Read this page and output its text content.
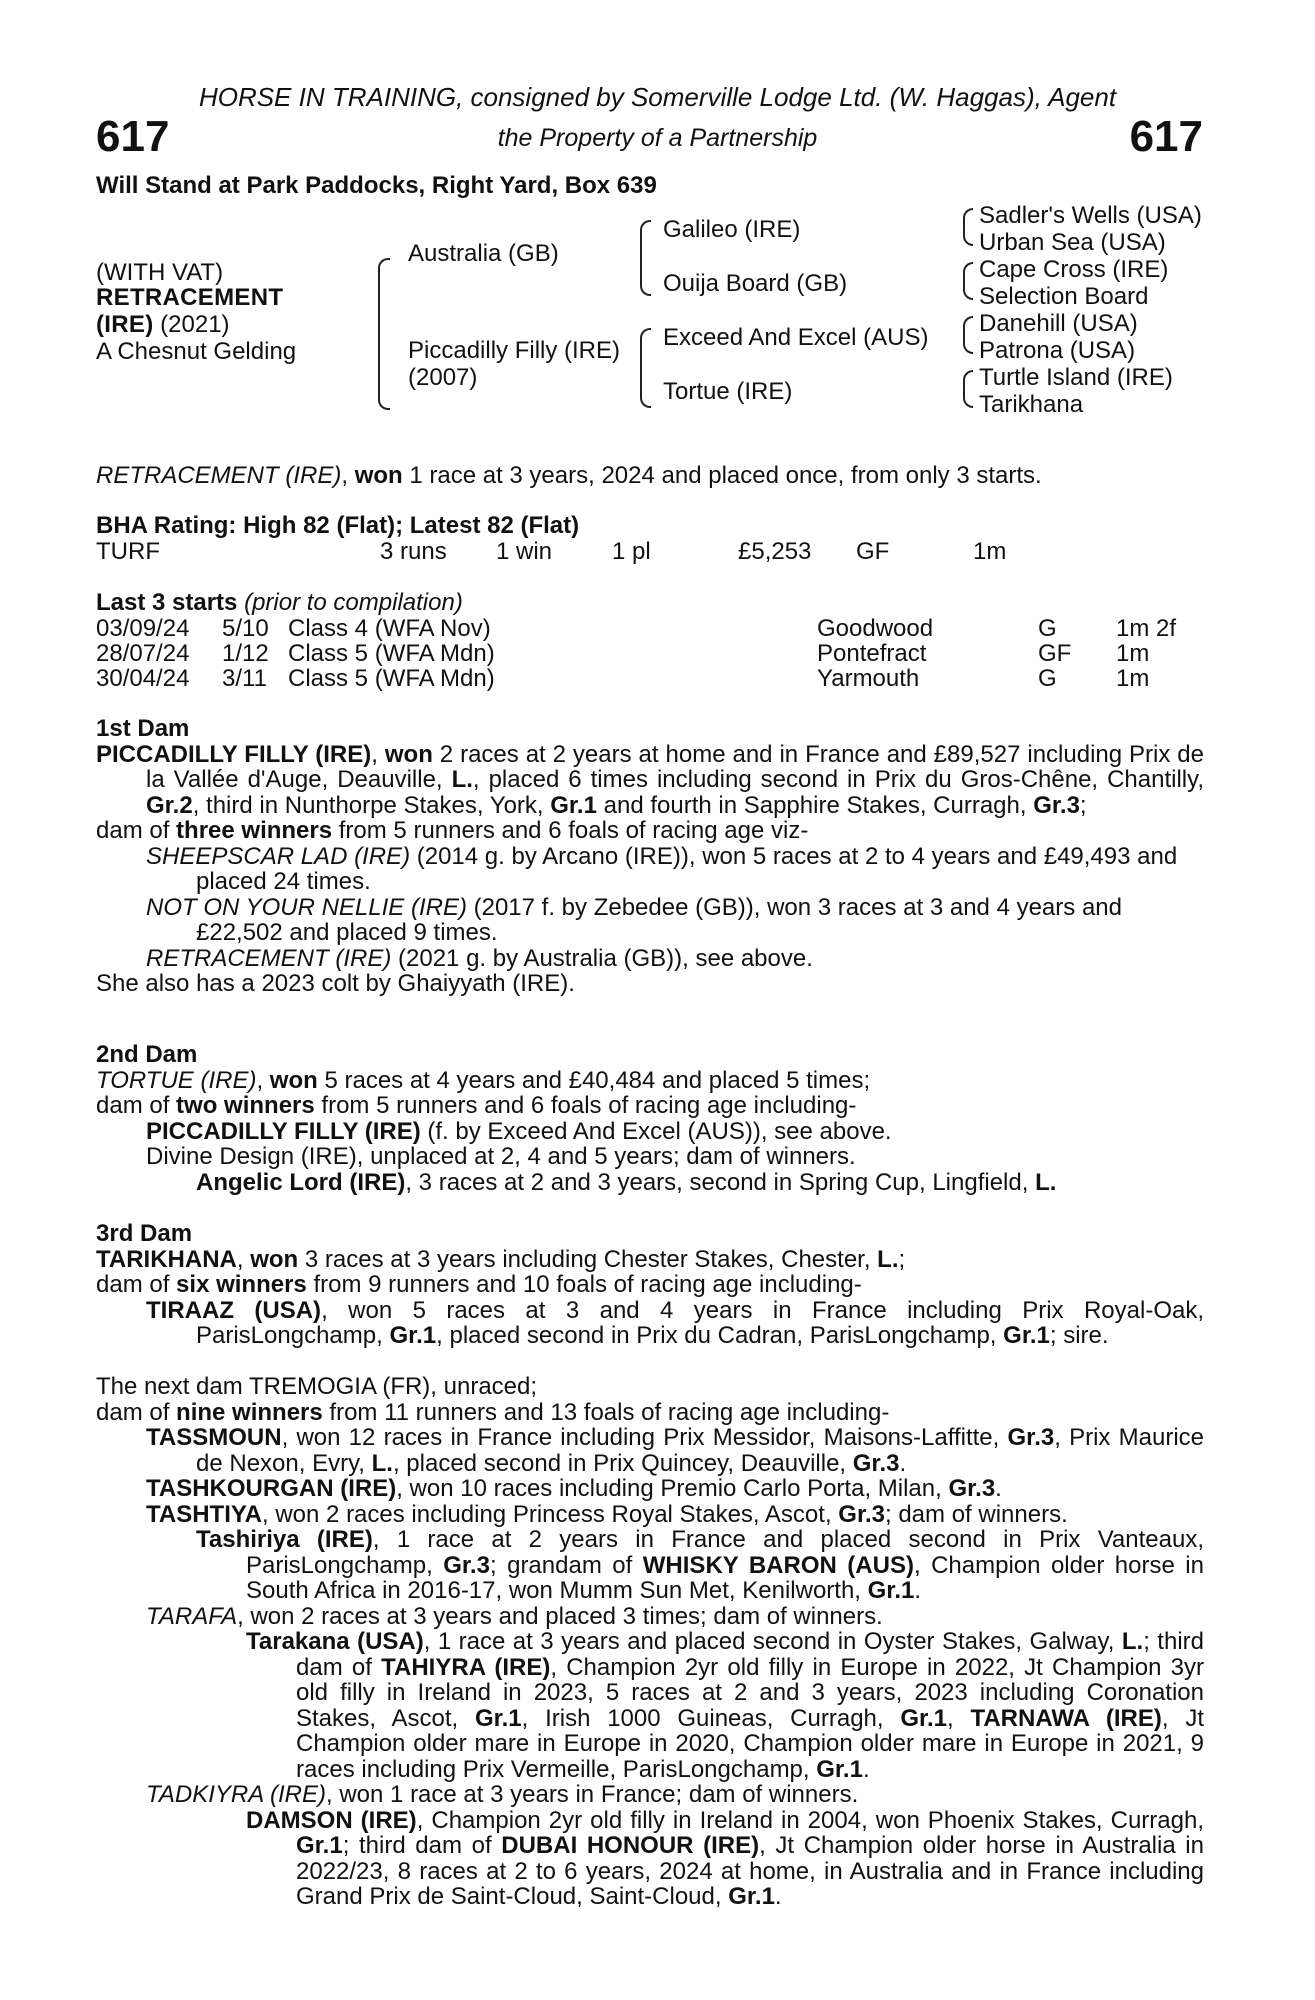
HORSE IN TRAINING, consigned by Somerville Lodge Ltd. (W. Haggas), Agent
617	the Property of a Partnership	617
Will Stand at Park Paddocks, Right Yard, Box 639
(WITH VAT)
RETRACEMENT
(IRE) (2021)
A Chesnut Gelding
Australia (GB)
Piccadilly Filly (IRE)
(2007)
Galileo (IRE)
Ouija Board (GB)
Exceed And Excel (AUS)
Tortue (IRE)
Sadler's Wells (USA)
Urban Sea (USA)
Cape Cross (IRE)
Selection Board
Danehill (USA)
Patrona (USA)
Turtle Island (IRE)
Tarikhana
RETRACEMENT (IRE), won 1 race at 3 years, 2024 and placed once, from only 3 starts.
BHA Rating: High 82 (Flat); Latest 82 (Flat)
TURF	3 runs 1 win 1 pl	£5,253 GF	1m
Last 3 starts (prior to compilation)
03/09/24 5/10 Class 4 (WFA Nov)	Goodwood	G 1m 2f
28/07/24 1/12 Class 5 (WFA Mdn)	Pontefract	GF 1m
30/04/24 3/11 Class 5 (WFA Mdn)	Yarmouth	G 1m

1st Dam

PICCADILLY FILLY (IRE), won 2 races at 2 years at home and in France and £89,527 including Prix de la Vallée d'Auge, Deauville, L., placed 6 times including second in Prix du Gros-Chêne, Chantilly, Gr.2, third in Nunthorpe Stakes, York, Gr.1 and fourth in Sapphire Stakes, Curragh, Gr.3;

dam of three winners from 5 runners and 6 foals of racing age viz-

SHEEPSCAR LAD (IRE) (2014 g. by Arcano (IRE)), won 5 races at 2 to 4 years and £49,493 and placed 24 times.

NOT ON YOUR NELLIE (IRE) (2017 f. by Zebedee (GB)), won 3 races at 3 and 4 years and £22,502 and placed 9 times.

RETRACEMENT (IRE) (2021 g. by Australia (GB)), see above.

She also has a 2023 colt by Ghaiyyath (IRE).

2nd Dam

TORTUE (IRE), won 5 races at 4 years and £40,484 and placed 5 times;

dam of two winners from 5 runners and 6 foals of racing age including-

PICCADILLY FILLY (IRE) (f. by Exceed And Excel (AUS)), see above.

Divine Design (IRE), unplaced at 2, 4 and 5 years; dam of winners.

Angelic Lord (IRE), 3 races at 2 and 3 years, second in Spring Cup, Lingfield, L.

3rd Dam

TARIKHANA, won 3 races at 3 years including Chester Stakes, Chester, L.;

dam of six winners from 9 runners and 10 foals of racing age including-

TIRAAZ (USA), won 5 races at 3 and 4 years in France including Prix Royal-Oak, ParisLongchamp, Gr.1, placed second in Prix du Cadran, ParisLongchamp, Gr.1; sire.

The next dam TREMOGIA (FR), unraced;

dam of nine winners from 11 runners and 13 foals of racing age including-

TASSMOUN, won 12 races in France including Prix Messidor, Maisons-Laffitte, Gr.3, Prix Maurice de Nexon, Evry, L., placed second in Prix Quincey, Deauville, Gr.3.

TASHKOURGAN (IRE), won 10 races including Premio Carlo Porta, Milan, Gr.3.

TASHTIYA, won 2 races including Princess Royal Stakes, Ascot, Gr.3; dam of winners.

Tashiriya (IRE), 1 race at 2 years in France and placed second in Prix Vanteaux, ParisLongchamp, Gr.3; grandam of WHISKY BARON (AUS), Champion older horse in South Africa in 2016-17, won Mumm Sun Met, Kenilworth, Gr.1.

TARAFA, won 2 races at 3 years and placed 3 times; dam of winners.

Tarakana (USA), 1 race at 3 years and placed second in Oyster Stakes, Galway, L.; third dam of TAHIYRA (IRE), Champion 2yr old filly in Europe in 2022, Jt Champion 3yr old filly in Ireland in 2023, 5 races at 2 and 3 years, 2023 including Coronation Stakes, Ascot, Gr.1, Irish 1000 Guineas, Curragh, Gr.1, TARNAWA (IRE), Jt Champion older mare in Europe in 2020, Champion older mare in Europe in 2021, 9 races including Prix Vermeille, ParisLongchamp, Gr.1.

TADKIYRA (IRE), won 1 race at 3 years in France; dam of winners.

DAMSON (IRE), Champion 2yr old filly in Ireland in 2004, won Phoenix Stakes, Curragh, Gr.1; third dam of DUBAI HONOUR (IRE), Jt Champion older horse in Australia in 2022/23, 8 races at 2 to 6 years, 2024 at home, in Australia and in France including Grand Prix de Saint-Cloud, Saint-Cloud, Gr.1.
